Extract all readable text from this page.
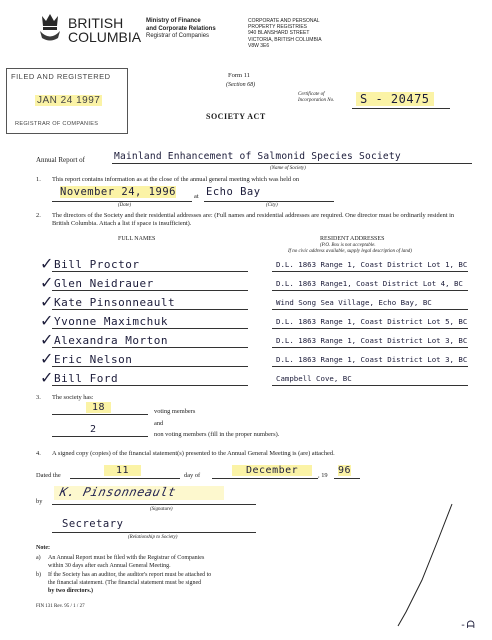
BRITISH
COLUMBIA
Ministry of Finance
and Corporate Relations
Registrar of Companies
CORPORATE AND PERSONAL
PROPERTY REGISTRIES
940 BLANSHARD STREET
VICTORIA, BRITISH COLUMBIA
V8W 3E6
FILED AND REGISTERED
JAN 24 1997
REGISTRAR OF COMPANIES
Form 11
(Section 68)
Certificate of
Incorporation No.	S - 20475
SOCIETY ACT
Annual Report of	Mainland Enhancement of Salmonid Species Society
(Name of Society)
1. This report contains information as at the close of the annual general meeting which was held on
November 24, 1996	at Echo Bay
(Date)	(City)
2. The directors of the Society and their residential addresses are: (Full names and residential addresses are required. One director must be ordinarily resident in British Columbia. Attach a list if space is insufficient).
FULL NAMES	RESIDENT ADDRESSES
(P.O. Box is not acceptable.
If no civic address available, supply legal description of land)
✓ Bill Proctor	D.L. 1863 Range 1, Coast District Lot 1, BC
✓ Glen Neidrauer	D.L. 1863 Range1, Coast District Lot 4, BC
✓ Kate Pinsonneault	Wind Song Sea Village, Echo Bay, BC
✓ Yvonne Maximchuk	D.L. 1863 Range 1, Coast District Lot 5, BC
✓ Alexandra Morton	D.L. 1863 Range 1, Coast District Lot 3, BC
✓ Eric Nelson	D.L. 1863 Range 1, Coast District Lot 3, BC
✓ Bill Ford	Campbell Cove, BC
3. The society has:
18	voting members
and
2	non voting members (fill in the proper numbers).
4. A signed copy (copies) of the financial statement(s) presented to the Annual General Meeting is (are) attached.
Dated the	11	day of	December	, 19 96
by
K. Pinsonneault
(Signature)
Secretary
(Relationship to Society)
Note:
a) An Annual Report must be filed with the Registrar of Companies
within 30 days after each Annual General Meeting.
b) If the Society has an auditor, the auditor's report must be attached to
the financial statement. (The financial statement must be signed
by two directors.)
FIN 131 Rev. 95 / 1 / 27
-ᗩ
